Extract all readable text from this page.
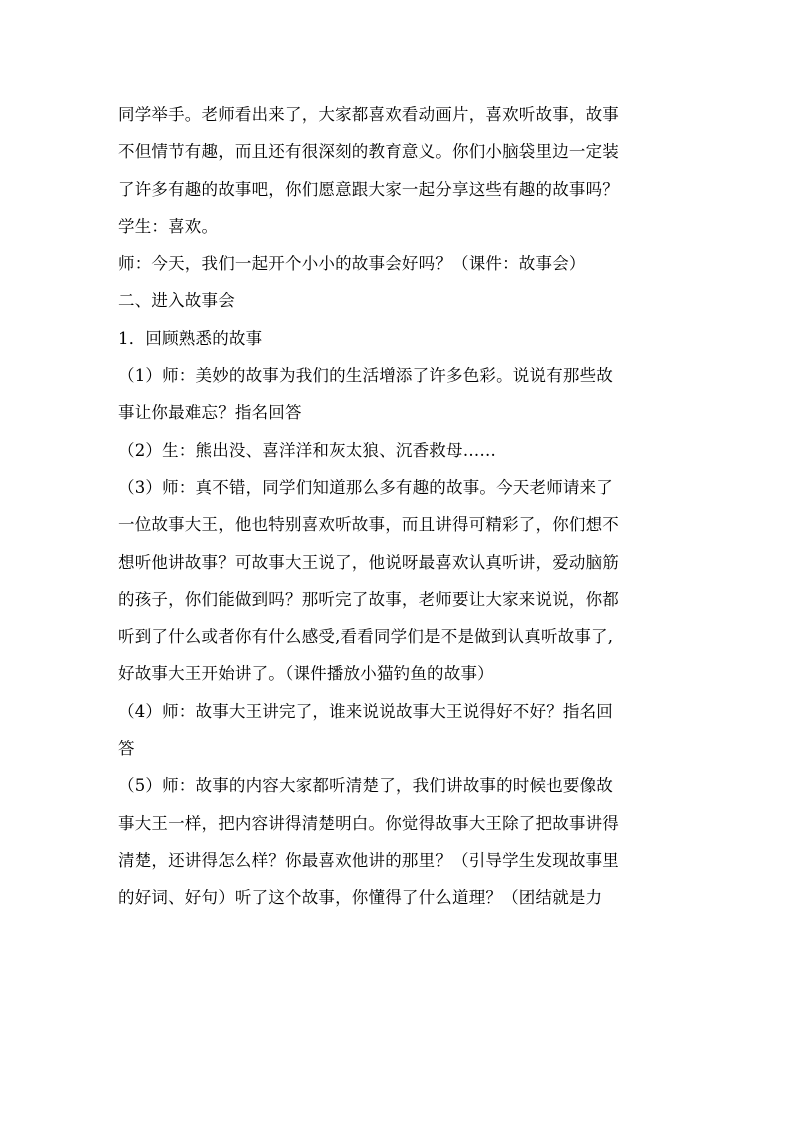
同学举手。老师看出来了，大家都喜欢看动画片，喜欢听故事，故事
不但情节有趣，而且还有很深刻的教育意义。你们小脑袋里边一定装
了许多有趣的故事吧，你们愿意跟大家一起分享这些有趣的故事吗？
学生：喜欢。
师：今天，我们一起开个小小的故事会好吗？（课件：故事会）
二、进入故事会
1．回顾熟悉的故事
（1）师：美妙的故事为我们的生活增添了许多色彩。说说有那些故
事让你最难忘？指名回答
（2）生：熊出没、喜洋洋和灰太狼、沉香救母……
（3）师：真不错，同学们知道那么多有趣的故事。今天老师请来了
一位故事大王，他也特别喜欢听故事，而且讲得可精彩了，你们想不
想听他讲故事？可故事大王说了，他说呀最喜欢认真听讲，爱动脑筋
的孩子，你们能做到吗？那听完了故事，老师要让大家来说说，你都
听到了什么或者你有什么感受,看看同学们是不是做到认真听故事了,
好故事大王开始讲了。（课件播放小猫钓鱼的故事）
（4）师：故事大王讲完了，谁来说说故事大王说得好不好？指名回
答
（5）师：故事的内容大家都听清楚了，我们讲故事的时候也要像故
事大王一样，把内容讲得清楚明白。你觉得故事大王除了把故事讲得
清楚，还讲得怎么样？你最喜欢他讲的那里？（引导学生发现故事里
的好词、好句）听了这个故事，你懂得了什么道理？（团结就是力
